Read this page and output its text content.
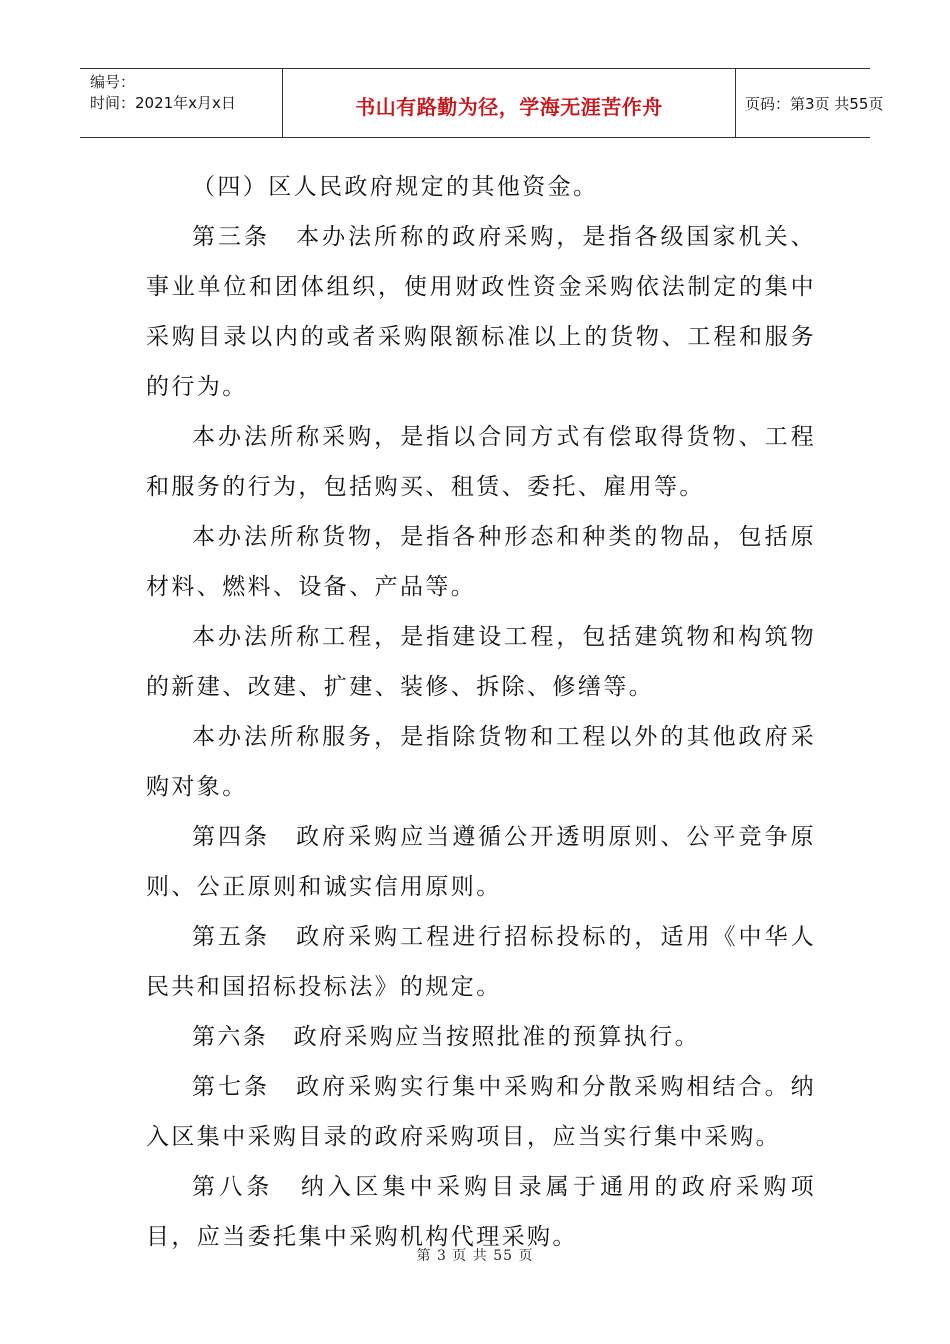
编号：
时间：2021年x月x日	书山有路勤为径，学海无涯苦作舟	页码：第3页 共55页

（四）区人民政府规定的其他资金。

第三条　本办法所称的政府采购，是指各级国家机关、事业单位和团体组织，使用财政性资金采购依法制定的集中采购目录以内的或者采购限额标准以上的货物、工程和服务的行为。

本办法所称采购，是指以合同方式有偿取得货物、工程和服务的行为，包括购买、租赁、委托、雇用等。

本办法所称货物，是指各种形态和种类的物品，包括原材料、燃料、设备、产品等。

本办法所称工程，是指建设工程，包括建筑物和构筑物的新建、改建、扩建、装修、拆除、修缮等。

本办法所称服务，是指除货物和工程以外的其他政府采购对象。

第四条　政府采购应当遵循公开透明原则、公平竞争原则、公正原则和诚实信用原则。

第五条　政府采购工程进行招标投标的，适用《中华人民共和国招标投标法》的规定。

第六条　政府采购应当按照批准的预算执行。

第七条　政府采购实行集中采购和分散采购相结合。纳入区集中采购目录的政府采购项目，应当实行集中采购。

第八条　纳入区集中采购目录属于通用的政府采购项目，应当委托集中采购机构代理采购。

第 3 页 共 55 页
